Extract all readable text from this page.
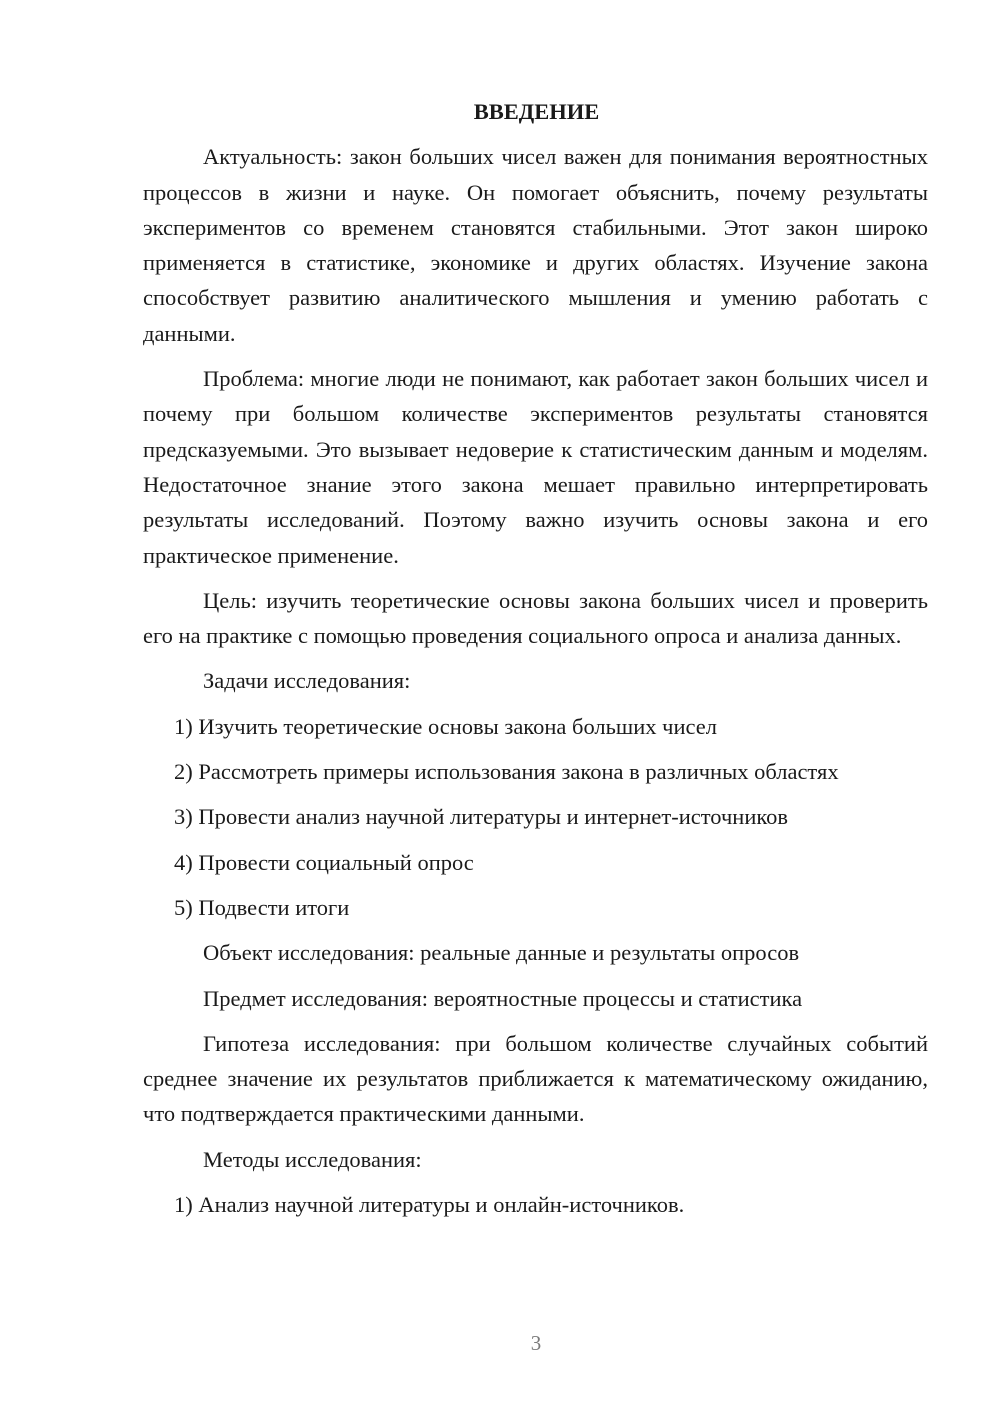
ВВЕДЕНИЕ

Актуальность: закон больших чисел важен для понимания вероятностных процессов в жизни и науке. Он помогает объяснить, почему результаты экспериментов со временем становятся стабильными. Этот закон широко применяется в статистике, экономике и других областях. Изучение закона способствует развитию аналитического мышления и умению работать с данными.

Проблема: многие люди не понимают, как работает закон больших чисел и почему при большом количестве экспериментов результаты становятся предсказуемыми. Это вызывает недоверие к статистическим данным и моделям. Недостаточное знание этого закона мешает правильно интерпретировать результаты исследований. Поэтому важно изучить основы закона и его практическое применение.

Цель: изучить теоретические основы закона больших чисел и проверить его на практике с помощью проведения социального опроса и анализа данных.

Задачи исследования:

1) Изучить теоретические основы закона больших чисел

2) Рассмотреть примеры использования закона в различных областях

3) Провести анализ научной литературы и интернет-источников

4) Провести социальный опрос

5) Подвести итоги

Объект исследования: реальные данные и результаты опросов

Предмет исследования: вероятностные процессы и статистика

Гипотеза исследования: при большом количестве случайных событий среднее значение их результатов приближается к математическому ожиданию, что подтверждается практическими данными.

Методы исследования:

1) Анализ научной литературы и онлайн-источников.

3
